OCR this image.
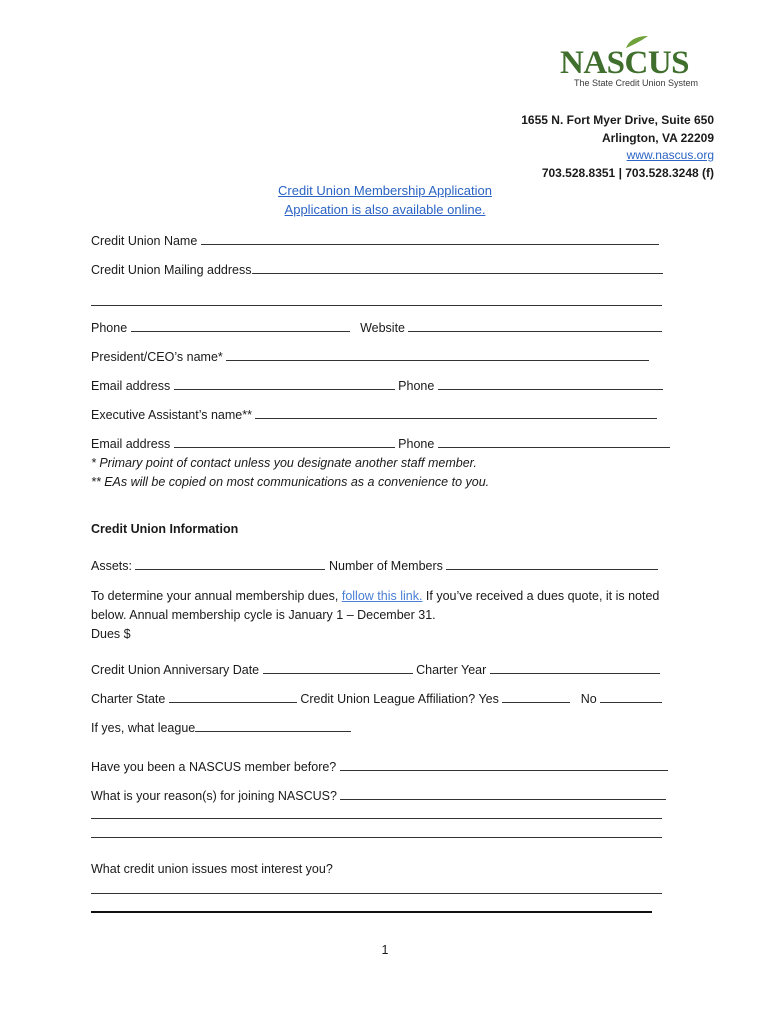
NASCUS
The State Credit Union System
1655 N. Fort Myer Drive, Suite 650
Arlington, VA 22209
www.nascus.org
703.528.8351 | 703.528.3248 (f)
Credit Union Membership Application
Application is also available online.
Credit Union Name
Credit Union Mailing address
Phone	Website
President/CEO’s name*
Email address	Phone
Executive Assistant’s name**
Email address	Phone
* Primary point of contact unless you designate another staff member.
** EAs will be copied on most communications as a convenience to you.
Credit Union Information
Assets:	Number of Members
To determine your annual membership dues, follow this link. If you’ve received a dues quote, it is noted
below. Annual membership cycle is January 1 – December 31.
Dues $
Credit Union Anniversary Date	Charter Year
Charter State	Credit Union League Affiliation? Yes	No
If yes, what league
Have you been a NASCUS member before?
What is your reason(s) for joining NASCUS?
What credit union issues most interest you?
1
